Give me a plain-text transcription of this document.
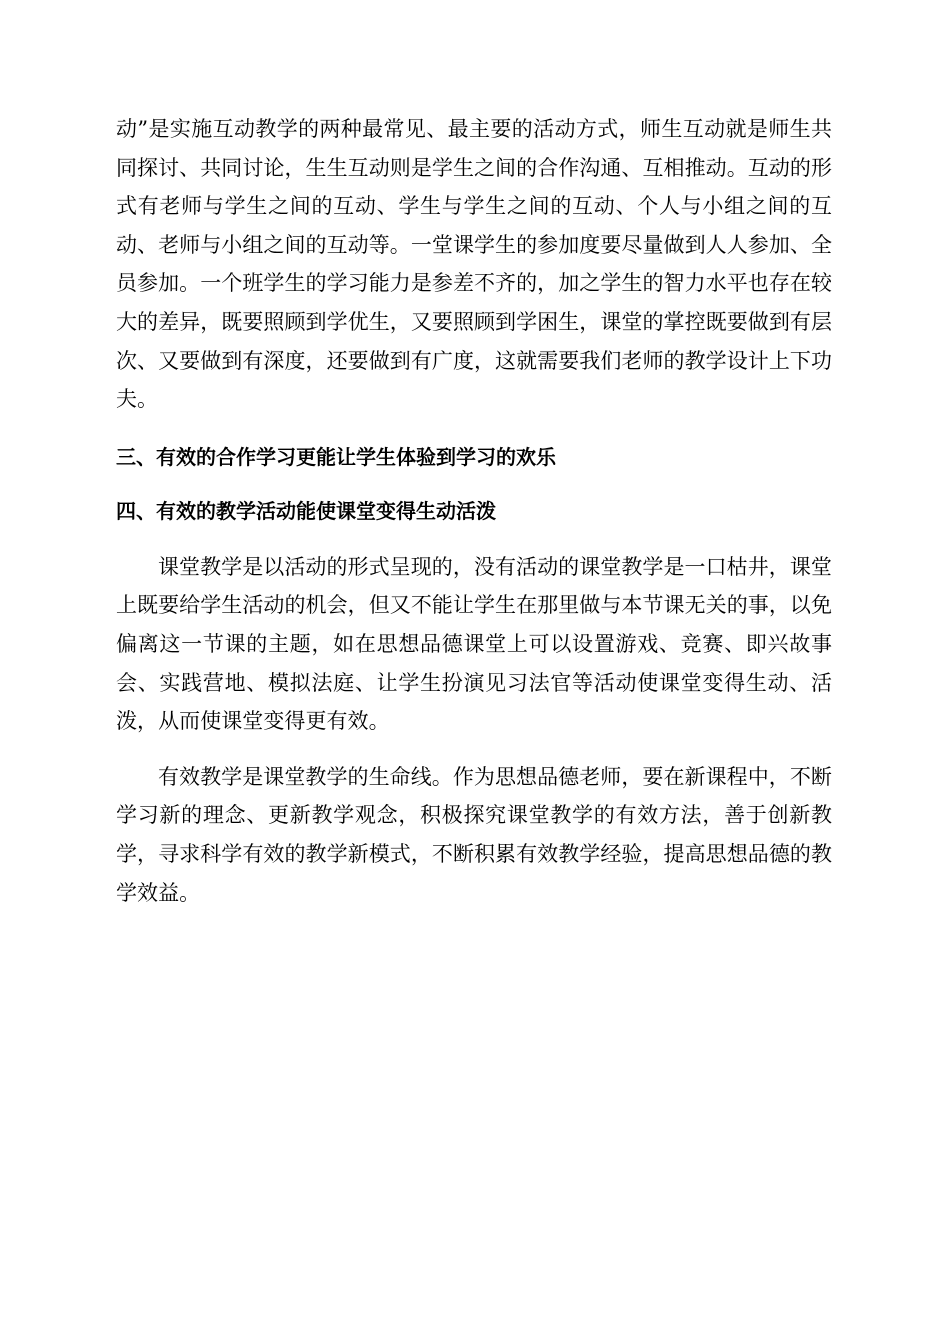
动”是实施互动教学的两种最常见、最主要的活动方式，师生互动就是师生共同探讨、共同讨论，生生互动则是学生之间的合作沟通、互相推动。互动的形式有老师与学生之间的互动、学生与学生之间的互动、个人与小组之间的互动、老师与小组之间的互动等。一堂课学生的参加度要尽量做到人人参加、全员参加。一个班学生的学习能力是参差不齐的，加之学生的智力水平也存在较大的差异，既要照顾到学优生，又要照顾到学困生，课堂的掌控既要做到有层次、又要做到有深度，还要做到有广度，这就需要我们老师的教学设计上下功夫。

三、有效的合作学习更能让学生体验到学习的欢乐
四、有效的教学活动能使课堂变得生动活泼

课堂教学是以活动的形式呈现的，没有活动的课堂教学是一口枯井，课堂上既要给学生活动的机会，但又不能让学生在那里做与本节课无关的事，以免偏离这一节课的主题，如在思想品德课堂上可以设置游戏、竞赛、即兴故事会、实践营地、模拟法庭、让学生扮演见习法官等活动使课堂变得生动、活泼，从而使课堂变得更有效。

有效教学是课堂教学的生命线。作为思想品德老师，要在新课程中，不断学习新的理念、更新教学观念，积极探究课堂教学的有效方法，善于创新教学，寻求科学有效的教学新模式，不断积累有效教学经验，提高思想品德的教学效益。
